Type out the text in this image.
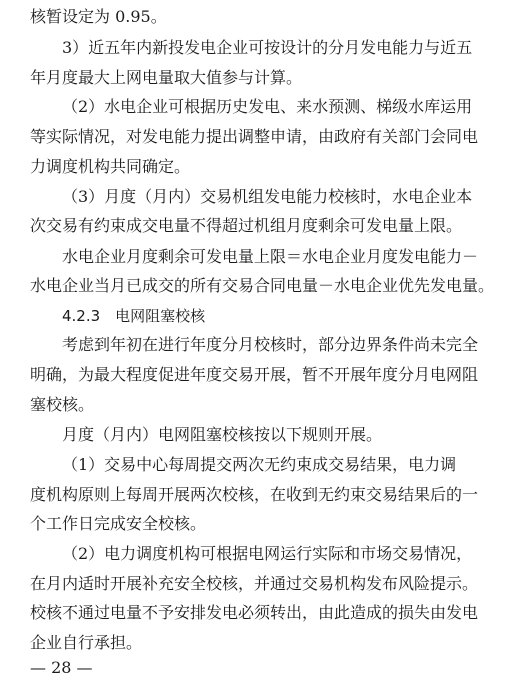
核暂设定为 0.95。
3）近五年内新投发电企业可按设计的分月发电能力与近五
年月度最大上网电量取大值参与计算。
（2）水电企业可根据历史发电、来水预测、梯级水库运用
等实际情况，对发电能力提出调整申请，由政府有关部门会同电
力调度机构共同确定。
（3）月度（月内）交易机组发电能力校核时，水电企业本
次交易有约束成交电量不得超过机组月度剩余可发电量上限。
水电企业月度剩余可发电量上限＝水电企业月度发电能力－
水电企业当月已成交的所有交易合同电量－水电企业优先发电量。
4.2.3　电网阻塞校核
考虑到年初在进行年度分月校核时，部分边界条件尚未完全
明确，为最大程度促进年度交易开展，暂不开展年度分月电网阻
塞校核。
月度（月内）电网阻塞校核按以下规则开展。
（1）交易中心每周提交两次无约束成交易结果，电力调
度机构原则上每周开展两次校核，在收到无约束交易结果后的一
个工作日完成安全校核。
（2）电力调度机构可根据电网运行实际和市场交易情况，
在月内适时开展补充安全校核，并通过交易机构发布风险提示。
校核不通过电量不予安排发电必须转出，由此造成的损失由发电
企业自行承担。
— 28 —
